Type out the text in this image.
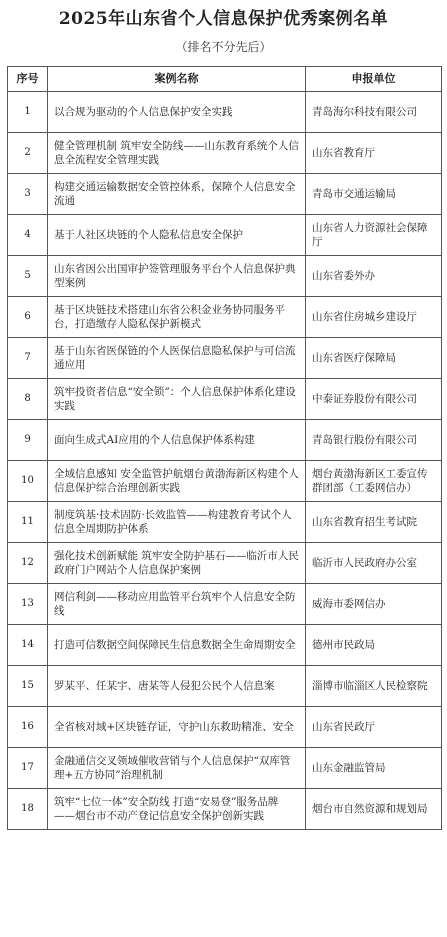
2025年山东省个人信息保护优秀案例名单
（排名不分先后）
序号	案例名称	申报单位
1	以合规为驱动的个人信息保护安全实践	青岛海尔科技有限公司
2	健全管理机制 筑牢安全防线——山东教育系统个人信息全流程安全管理实践	山东省教育厅
3	构建交通运输数据安全管控体系，保障个人信息安全流通	青岛市交通运输局
4	基于人社区块链的个人隐私信息安全保护	山东省人力资源社会保障厅
5	山东省因公出国审护签管理服务平台个人信息保护典型案例	山东省委外办
6	基于区块链技术搭建山东省公积金业务协同服务平台，打造缴存人隐私保护新模式	山东省住房城乡建设厅
7	基于山东省医保链的个人医保信息隐私保护与可信流通应用	山东省医疗保障局
8	筑牢投资者信息“安全锁”：个人信息保护体系化建设实践	中泰证券股份有限公司
9	面向生成式AI应用的个人信息保护体系构建	青岛银行股份有限公司
10	全域信息感知 安全监管护航烟台黄渤海新区构建个人信息保护综合治理创新实践	烟台黄渤海新区工委宣传群团部（工委网信办）
11	制度筑基·技术固防·长效监管——构建教育考试个人信息全周期防护体系	山东省教育招生考试院
12	强化技术创新赋能 筑牢安全防护基石——临沂市人民政府门户网站个人信息保护案例	临沂市人民政府办公室
13	网信利剑——移动应用监管平台筑牢个人信息安全防线	威海市委网信办
14	打造可信数据空间保障民生信息数据全生命周期安全	德州市民政局
15	罗某平、任某宇、唐某等人侵犯公民个人信息案	淄博市临淄区人民检察院
16	全省核对域+区块链存证，守护山东救助精准、安全	山东省民政厅
17	金融通信交叉领域催收营销与个人信息保护“双库管理+五方协同”治理机制	山东金融监管局
18	筑牢“七位一体”安全防线 打造“安易登”服务品牌——烟台市不动产登记信息安全保护创新实践	烟台市自然资源和规划局
